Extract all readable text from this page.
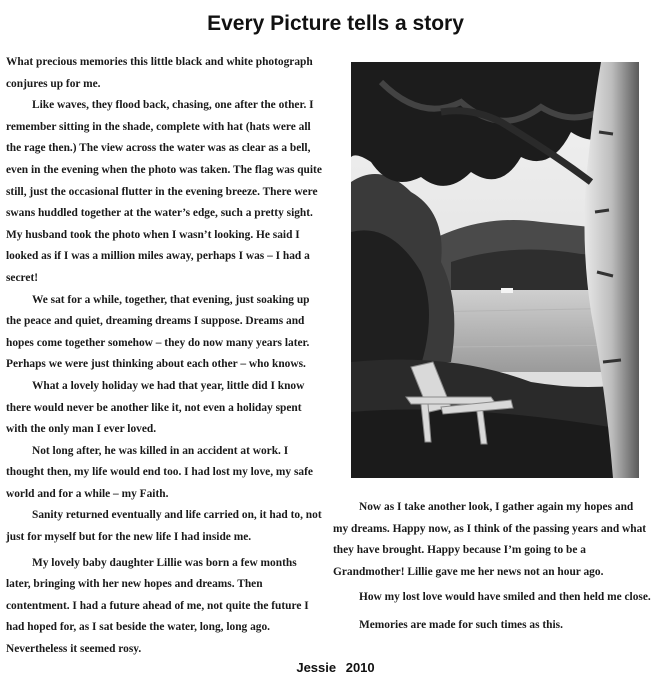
Every Picture tells a story

What precious memories this little black and white photograph conjures up for me.

Like waves, they flood back, chasing, one after the other. I remember sitting in the shade, complete with hat (hats were all the rage then.) The view across the water was as clear as a bell, even in the evening when the photo was taken. The flag was quite still, just the occasional flutter in the evening breeze. There were swans huddled together at the water’s edge, such a pretty sight. My husband took the photo when I wasn’t looking. He said I looked as if I was a million miles away, perhaps I was – I had a secret!

We sat for a while, together, that evening, just soaking up the peace and quiet, dreaming dreams I suppose. Dreams and hopes come together somehow – they do now many years later. Perhaps we were just thinking about each other – who knows.

What a lovely holiday we had that year, little did I know there would never be another like it, not even a holiday spent with the only man I ever loved.

Not long after, he was killed in an accident at work. I thought then, my life would end too. I had lost my love, my safe world and for a while – my Faith.

Sanity returned eventually and life carried on, it had to, not just for myself but for the new life I had inside me.

My lovely baby daughter Lillie was born a few months later, bringing with her new hopes and dreams. Then contentment. I had a future ahead of me, not quite the future I had hoped for, as I sat beside the water, long, long ago. Nevertheless it seemed rosy.

Now as I take another look, I gather again my hopes and my dreams. Happy now, as I think of the passing years and what they have brought. Happy because I’m going to be a Grandmother! Lillie gave me her news not an hour ago.

How my lost love would have smiled and then held me close.

Memories are made for such times as this.

Jessie 2010
